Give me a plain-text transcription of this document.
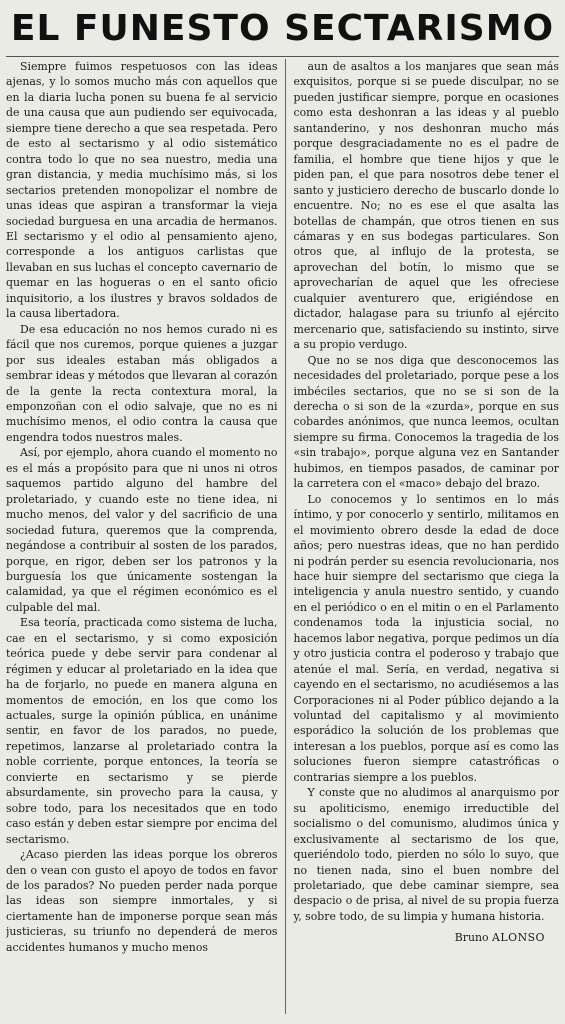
EL FUNESTO SECTARISMO

Siempre fuimos respetuosos con las ideas ajenas, y lo somos mucho más con aquellos que en la diaria lucha ponen su buena fe al servicio de una causa que aun pudiendo ser equivocada, siempre tiene derecho a que sea respetada. Pero de esto al sectarismo y al odio sistemático contra todo lo que no sea nuestro, media una gran distancia, y media muchísimo más, si los sectarios pretenden monopolizar el nombre de unas ideas que aspiran a transformar la vieja sociedad burguesa en una arcadia de hermanos. El sectarismo y el odio al pensamiento ajeno, corresponde a los antiguos carlistas que llevaban en sus luchas el concepto cavernario de quemar en las hogueras o en el santo oficio inquisitorio, a los ilustres y bravos soldados de la causa libertadora.

De esa educación no nos hemos curado ni es fácil que nos curemos, porque quienes a juzgar por sus ideales estaban más obligados a sembrar ideas y métodos que llevaran al corazón de la gente la recta contextura moral, la emponzoñan con el odio salvaje, que no es ni muchísimo menos, el odio contra la causa que engendra todos nuestros males.

Así, por ejemplo, ahora cuando el momento no es el más a propósito para que ni unos ni otros saquemos partido alguno del hambre del proletariado, y cuando este no tiene idea, ni mucho menos, del valor y del sacrificio de una sociedad futura, queremos que la comprenda, negándose a contribuir al sosten de los parados, porque, en rigor, deben ser los patronos y la burguesía los que únicamente sostengan la calamidad, ya que el régimen económico es el culpable del mal.

Esa teoría, practicada como sistema de lucha, cae en el sectarismo, y si como exposición teórica puede y debe servir para condenar al régimen y educar al proletariado en la idea que ha de forjarlo, no puede en manera alguna en momentos de emoción, en los que como los actuales, surge la opinión pública, en unánime sentir, en favor de los parados, no puede, repetimos, lanzarse al proletariado contra la noble corriente, porque entonces, la teoría se convierte en sectarismo y se pierde absurdamente, sin provecho para la causa, y sobre todo, para los necesitados que en todo caso están y deben estar siempre por encima del sectarismo.

¿Acaso pierden las ideas porque los obreros den o vean con gusto el apoyo de todos en favor de los parados? No pueden perder nada porque las ideas son siempre inmortales, y si ciertamente han de imponerse porque sean más justicieras, su triunfo no dependerá de meros accidentes humanos y mucho menos

aun de asaltos a los manjares que sean más exquisitos, porque si se puede disculpar, no se pueden justificar siempre, porque en ocasiones como esta deshonran a las ideas y al pueblo santanderino, y nos deshonran mucho más porque desgraciadamente no es el padre de familia, el hombre que tiene hijos y que le piden pan, el que para nosotros debe tener el santo y justiciero derecho de buscarlo donde lo encuentre. No; no es ese el que asalta las botellas de champán, que otros tienen en sus cámaras y en sus bodegas particulares. Son otros que, al influjo de la protesta, se aprovechan del botín, lo mismo que se aprovecharían de aquel que les ofreciese cualquier aventurero que, erigiéndose en dictador, halagase para su triunfo al ejército mercenario que, satisfaciendo su instinto, sirve a su propio verdugo.

Que no se nos diga que desconocemos las necesidades del proletariado, porque pese a los imbéciles sectarios, que no se si son de la derecha o si son de la «zurda», porque en sus cobardes anónimos, que nunca leemos, ocultan siempre su firma. Conocemos la tragedia de los «sin trabajo», porque alguna vez en Santander hubimos, en tiempos pasados, de caminar por la carretera con el «maco» debajo del brazo.

Lo conocemos y lo sentimos en lo más íntimo, y por conocerlo y sentirlo, militamos en el movimiento obrero desde la edad de doce años; pero nuestras ideas, que no han perdido ni podrán perder su esencia revolucionaria, nos hace huir siempre del sectarismo que ciega la inteligencia y anula nuestro sentido, y cuando en el periódico o en el mitin o en el Parlamento condenamos toda la injusticia social, no hacemos labor negativa, porque pedimos un día y otro justicia contra el poderoso y trabajo que atenúe el mal. Sería, en verdad, negativa si cayendo en el sectarismo, no acudiésemos a las Corporaciones ni al Poder público dejando a la voluntad del capitalismo y al movimiento esporádico la solución de los problemas que interesan a los pueblos, porque así es como las soluciones fueron siempre catastróficas o contrarias siempre a los pueblos.

Y conste que no aludimos al anarquismo por su apoliticismo, enemigo irreductible del socialismo o del comunismo, aludimos única y exclusivamente al sectarismo de los que, queriéndolo todo, pierden no sólo lo suyo, que no tienen nada, sino el buen nombre del proletariado, que debe caminar siempre, sea despacio o de prisa, al nivel de su propia fuerza y, sobre todo, de su limpia y humana historia.

Bruno ALONSO
